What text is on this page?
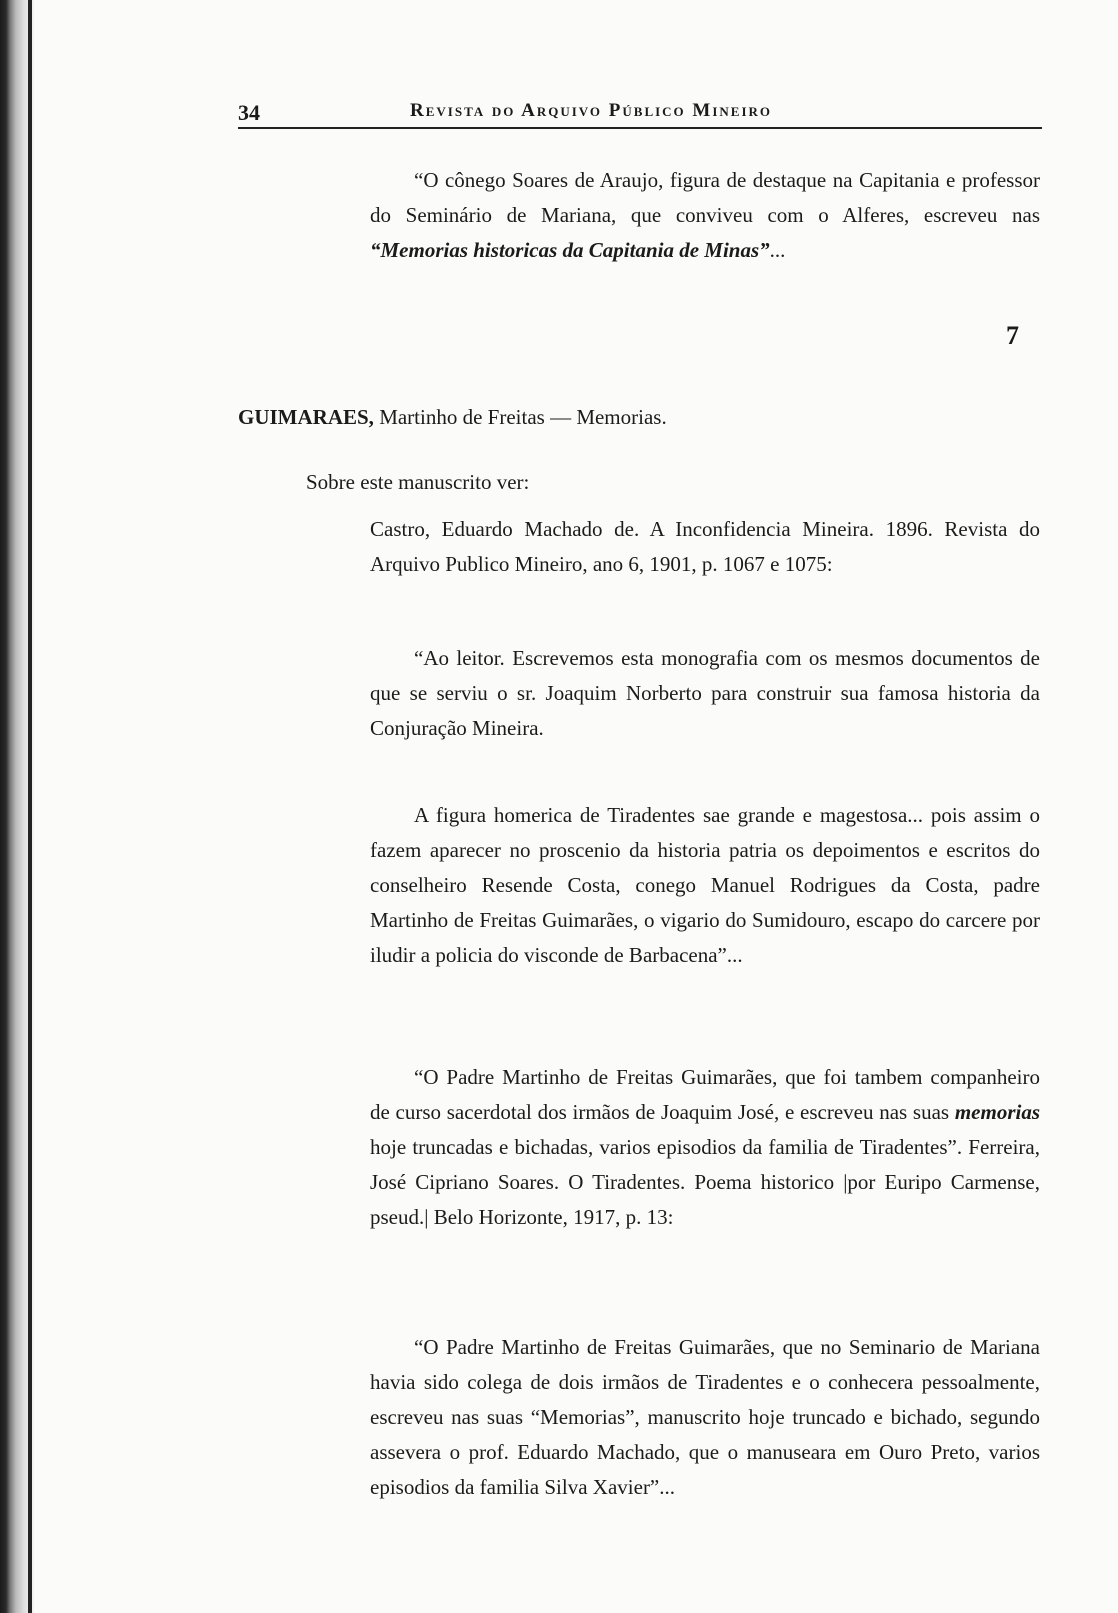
34	Revista do Arquivo Público Mineiro

“O cônego Soares de Araujo, figura de destaque na Capitania e professor do Seminário de Mariana, que conviveu com o Alferes, escreveu nas “Memorias historicas da Capitania de Minas”...

7
GUIMARAES, Martinho de Freitas — Memorias.
Sobre este manuscrito ver:

Castro, Eduardo Machado de. A Inconfidencia Mineira. 1896. Revista do Arquivo Publico Mineiro, ano 6, 1901, p. 1067 e 1075:

“Ao leitor. Escrevemos esta monografia com os mesmos documentos de que se serviu o sr. Joaquim Norberto para construir sua famosa historia da Conjuração Mineira.

A figura homerica de Tiradentes sae grande e magestosa... pois assim o fazem aparecer no proscenio da historia patria os depoimentos e escritos do conselheiro Resende Costa, conego Manuel Rodrigues da Costa, padre Martinho de Freitas Guimarães, o vigario do Sumidouro, escapo do carcere por iludir a policia do visconde de Barbacena”...

“O Padre Martinho de Freitas Guimarães, que foi tambem companheiro de curso sacerdotal dos irmãos de Joaquim José, e escreveu nas suas memorias hoje truncadas e bichadas, varios episodios da familia de Tiradentes”. Ferreira, José Cipriano Soares. O Tiradentes. Poema historico |por Euripo Carmense, pseud.| Belo Horizonte, 1917, p. 13:

“O Padre Martinho de Freitas Guimarães, que no Seminario de Mariana havia sido colega de dois irmãos de Tiradentes e o conhecera pessoalmente, escreveu nas suas “Memorias”, manuscrito hoje truncado e bichado, segundo assevera o prof. Eduardo Machado, que o manuseara em Ouro Preto, varios episodios da familia Silva Xavier”...
